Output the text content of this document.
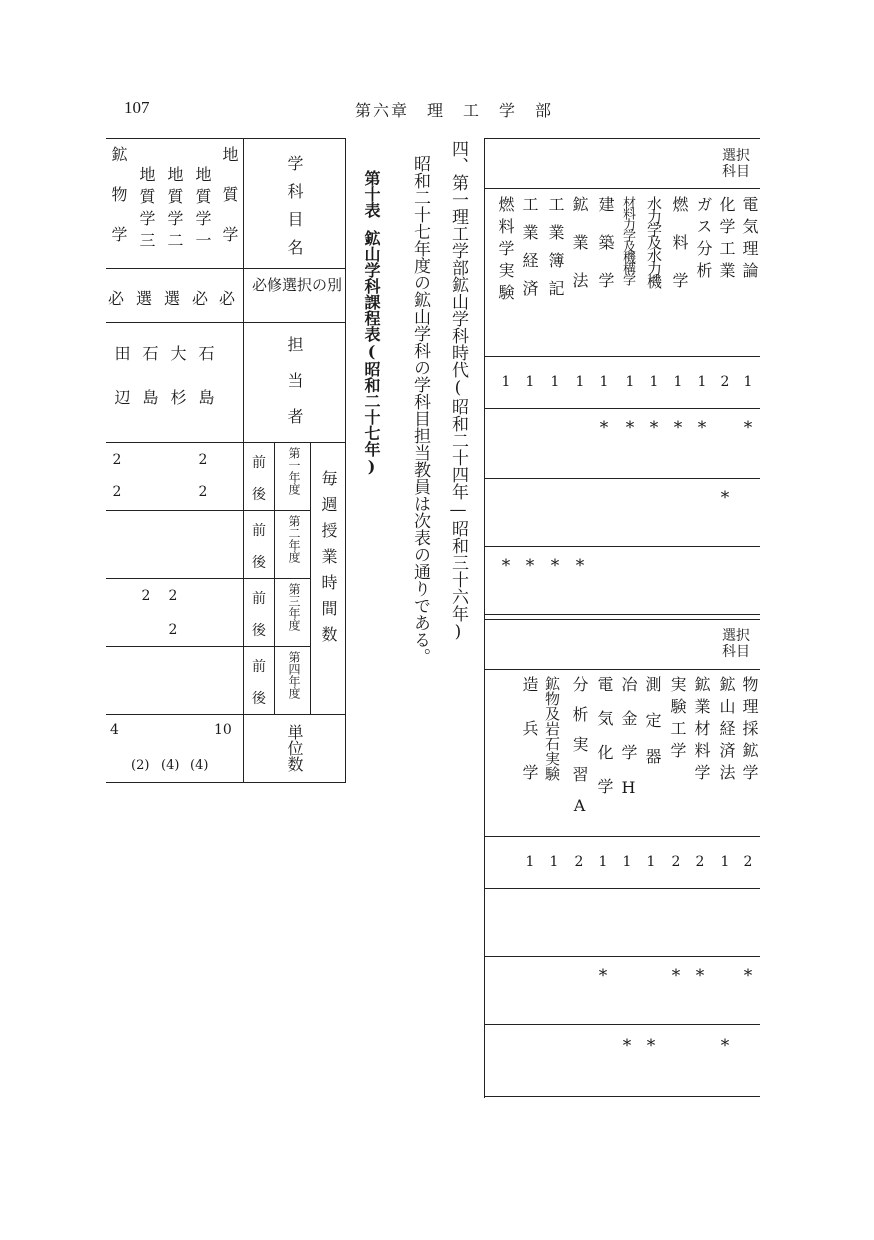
107	第六章　理　工　学　部
四、第一理工学部鉱山学科時代(昭和二十四年—昭和三十六年)
昭和二十七年度の鉱山学科の学科目担当教員は次表の通りである。
第十表鉱山学科課程表(昭和二十七年)
学科目名
必修選択の別
担当者
毎週授業時間数
単位数
第一年度
第二年度
第三年度
第四年度
前
後
前
後
前
後
前
後
地質学
地質学一
地質学二
地質学三
鉱物学
必
必
選
選
必
石島
大杉
石島
田辺
2
2
2
2
2
2
2
10
4
(4)
(4)
(2)
選択科目
選択科目
電気理論
化学工業
ガス分析
燃料学
水力学及水力機
材料力学及機構学
建築学
鉱業法
工業簿記
工業経済
燃料学実験
1
2
1
1
1
1
1
1
1
1
1
*
*
*
*
*
*
*
*
*
*
*
物理採鉱学
鉱山経済法
鉱業材料学
実験工学
測定器
冶金学H
電気化学
分析実習A
鉱物及岩石実験
造兵学
2
1
2
2
1
1
1
2
1
1
*
*
*
*
*
*
*
